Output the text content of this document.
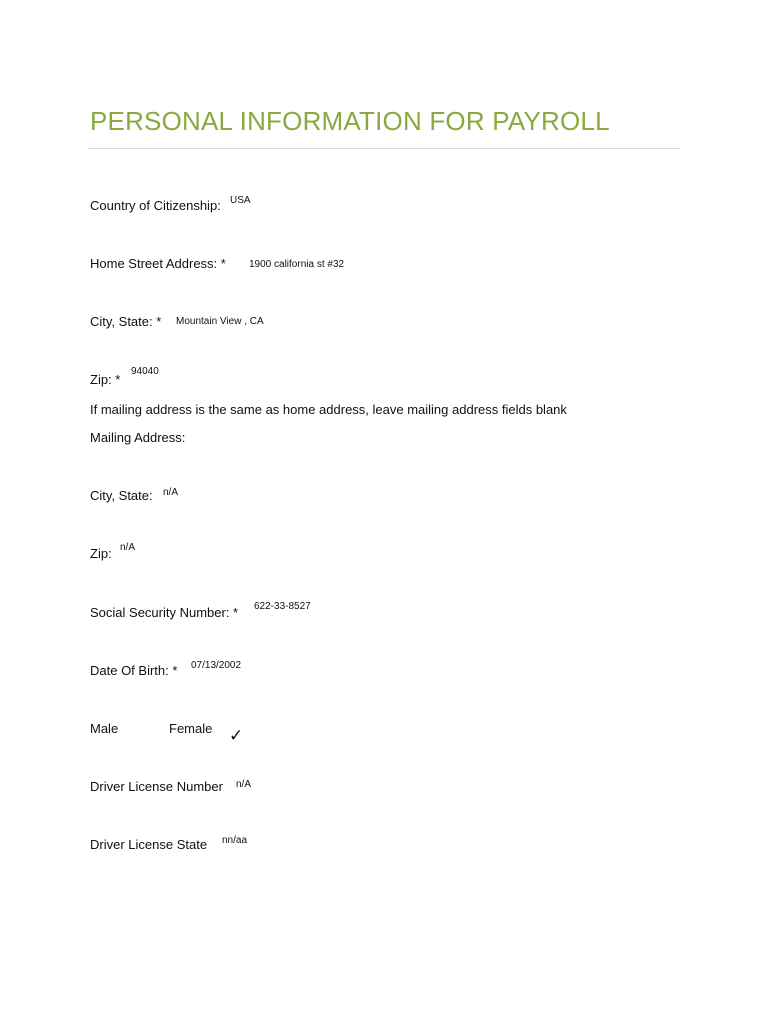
PERSONAL INFORMATION FOR PAYROLL
Country of Citizenship: USA
Home Street Address: * 1900 california st #32
City, State: * Mountain View , CA
Zip: *
94040
If mailing address is the same as home address, leave mailing address fields blank
Mailing Address:
City, State: n/A
Zip: n/A
Social Security Number: * 622-33-8527
Date Of Birth: * 07/13/2002
Male	Female ✓
Driver License Number n/A
Driver License State nn/aa
